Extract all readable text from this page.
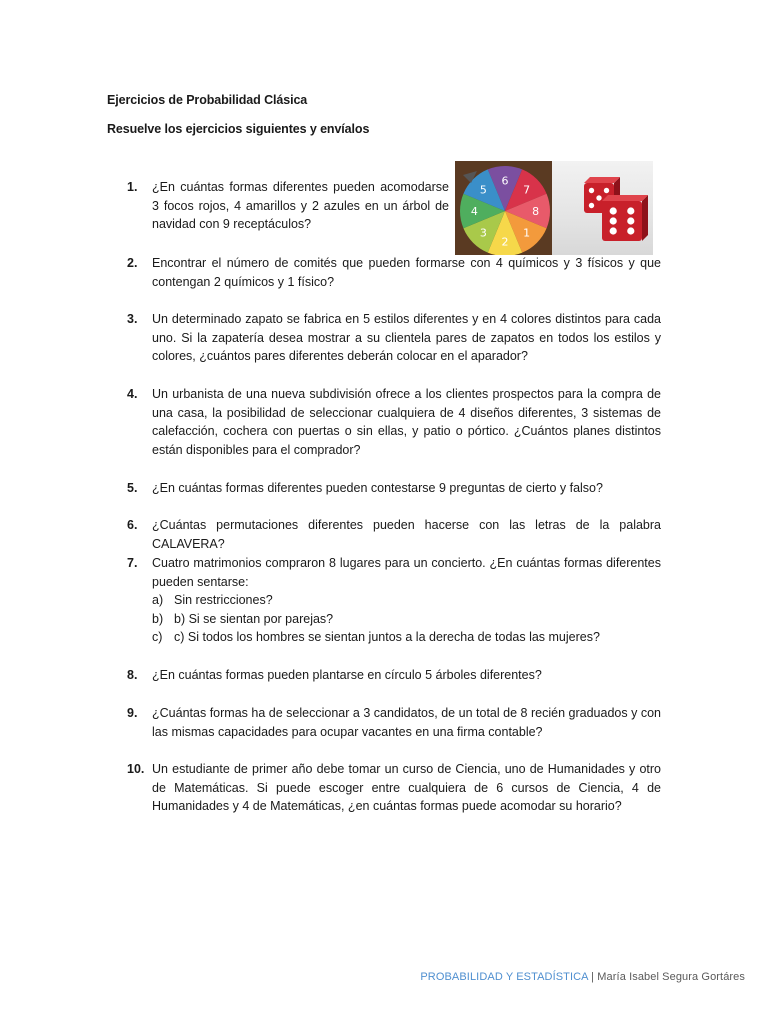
Ejercicios de Probabilidad Clásica
Resuelve los ejercicios siguientes y envíalos
6
7
8
1
2
3
4
5
1.	¿En cuántas formas diferentes pueden acomodarse 3 focos rojos, 4 amarillos y 2 azules en un árbol de navidad con 9 receptáculos?
2.	Encontrar el número de comités que pueden formarse con 4 químicos y 3 físicos y que contengan 2 químicos y 1 físico?
3.	Un determinado zapato se fabrica en 5 estilos diferentes y en 4 colores distintos para cada uno. Si la zapatería desea mostrar a su clientela pares de zapatos en todos los estilos y colores, ¿cuántos pares diferentes deberán colocar en el aparador?
4.	Un urbanista de una nueva subdivisión ofrece a los clientes prospectos para la compra de una casa, la posibilidad de seleccionar cualquiera de 4 diseños diferentes, 3 sistemas de calefacción, cochera con puertas o sin ellas, y patio o pórtico. ¿Cuántos planes distintos están disponibles para el comprador?
5.	¿En cuántas formas diferentes pueden contestarse 9 preguntas de cierto y falso?
6.	¿Cuántas permutaciones diferentes pueden hacerse con las letras de la palabra CALAVERA?
7.	Cuatro matrimonios compraron 8 lugares para un concierto. ¿En cuántas formas diferentes pueden sentarse:
a) Sin restricciones?
b) b) Si se sientan por parejas?
c) c) Si todos los hombres se sientan juntos a la derecha de todas las mujeres?
8.	¿En cuántas formas pueden plantarse en círculo 5 árboles diferentes?
9.	¿Cuántas formas ha de seleccionar a 3 candidatos, de un total de 8 recién graduados y con las mismas capacidades para ocupar vacantes en una firma contable?
10. Un estudiante de primer año debe tomar un curso de Ciencia, uno de Humanidades y otro de Matemáticas. Si puede escoger entre cualquiera de 6 cursos de Ciencia, 4 de Humanidades y 4 de Matemáticas, ¿en cuántas formas puede acomodar su horario?
PROBABILIDAD Y ESTADÍSTICA | María Isabel Segura Gortáres
